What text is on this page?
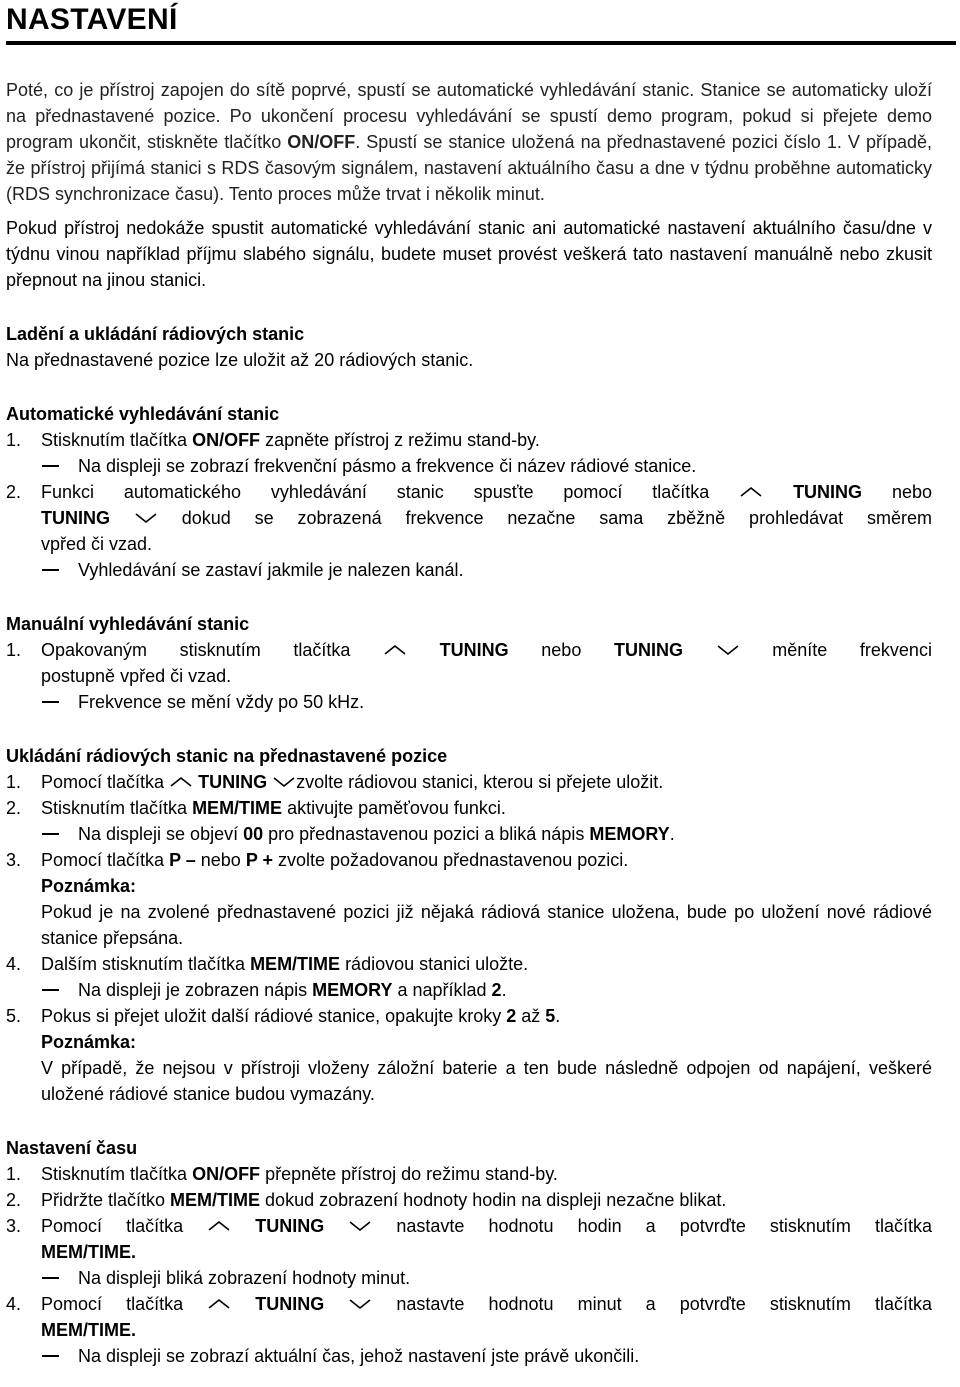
NASTAVENÍ

Poté, co je přístroj zapojen do sítě poprvé, spustí se automatické vyhledávání stanic. Stanice se automaticky uloží na přednastavené pozice. Po ukončení procesu vyhledávání se spustí demo program, pokud si přejete demo program ukončit, stiskněte tlačítko ON/OFF. Spustí se stanice uložená na přednastavené pozici číslo 1. V případě, že přístroj přijímá stanici s RDS časovým signálem, nastavení aktuálního času a dne v týdnu proběhne automaticky (RDS synchronizace času). Tento proces může trvat i několik minut.

Pokud přístroj nedokáže spustit automatické vyhledávání stanic ani automatické nastavení aktuálního času/dne v týdnu vinou například příjmu slabého signálu, budete muset provést veškerá tato nastavení manuálně nebo zkusit přepnout na jinou stanici.

Ladění a ukládání rádiových stanic
Na přednastavené pozice lze uložit až 20 rádiových stanic.
Automatické vyhledávání stanic
1. Stisknutím tlačítka ON/OFF zapněte přístroj z režimu stand-by.
Na displeji se zobrazí frekvenční pásmo a frekvence či název rádiové stanice.
2. Funkci automatického vyhledávání stanic spusťte pomocí tlačítka	TUNING nebo
TUNING	dokud se zobrazená frekvence nezačne sama zběžně prohledávat směrem
vpřed či vzad.
Vyhledávání se zastaví jakmile je nalezen kanál.
Manuální vyhledávání stanic
1. Opakovaným stisknutím tlačítka	TUNING nebo TUNING	měníte frekvenci
postupně vpřed či vzad.
Frekvence se mění vždy po 50 kHz.
Ukládání rádiových stanic na přednastavené pozice
1. Pomocí tlačítka TUNING zvolte rádiovou stanici, kterou si přejete uložit.
2. Stisknutím tlačítka MEM/TIME aktivujte paměťovou funkci.
Na displeji se objeví 00 pro přednastavenou pozici a bliká nápis MEMORY.
3. Pomocí tlačítka P – nebo P + zvolte požadovanou přednastavenou pozici.
Poznámka:
Pokud je na zvolené přednastavené pozici již nějaká rádiová stanice uložena, bude po uložení nové rádiové stanice přepsána.
4. Dalším stisknutím tlačítka MEM/TIME rádiovou stanici uložte.
Na displeji je zobrazen nápis MEMORY a například 2.
5. Pokus si přejet uložit další rádiové stanice, opakujte kroky 2 až 5.
Poznámka:
V případě, že nejsou v přístroji vloženy záložní baterie a ten bude následně odpojen od napájení, veškeré uložené rádiové stanice budou vymazány.
Nastavení času
1. Stisknutím tlačítka ON/OFF přepněte přístroj do režimu stand-by.
2. Přidržte tlačítko MEM/TIME dokud zobrazení hodnoty hodin na displeji nezačne blikat.
3. Pomocí tlačítka	TUNING	nastavte hodnotu hodin a potvrďte stisknutím tlačítka
MEM/TIME.
Na displeji bliká zobrazení hodnoty minut.
4. Pomocí tlačítka	TUNING	nastavte hodnotu minut a potvrďte stisknutím tlačítka
MEM/TIME.
Na displeji se zobrazí aktuální čas, jehož nastavení jste právě ukončili.
